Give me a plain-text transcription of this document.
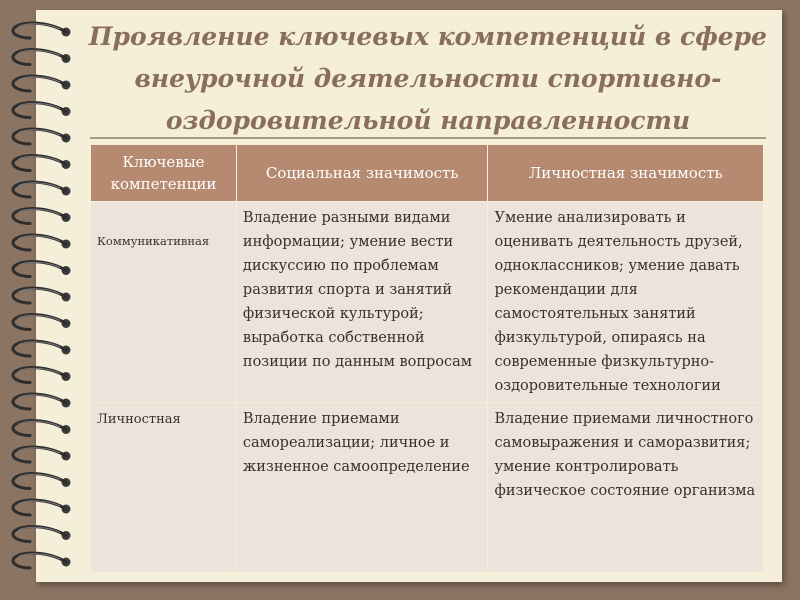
Проявление ключевых компетенций в сфере внеурочной деятельности спортивно-оздоровительной направленности
Ключевые компетенции	Социальная значимость	Личностная значимость
Коммуникативная	Владение разными видами информации; умение вести дискуссию по проблемам развития спорта и занятий физической культурой; выработка собственной позиции по данным вопросам	Умение анализировать и оценивать деятельность друзей, одноклассников; умение давать рекомендации для самостоятельных занятий физкультурой, опираясь на современные физкультурно-оздоровительные технологии
Личностная	Владение приемами самореализации; личное и жизненное самоопределение	Владение приемами личностного самовыражения и саморазвития; умение контролировать физическое состояние организма
